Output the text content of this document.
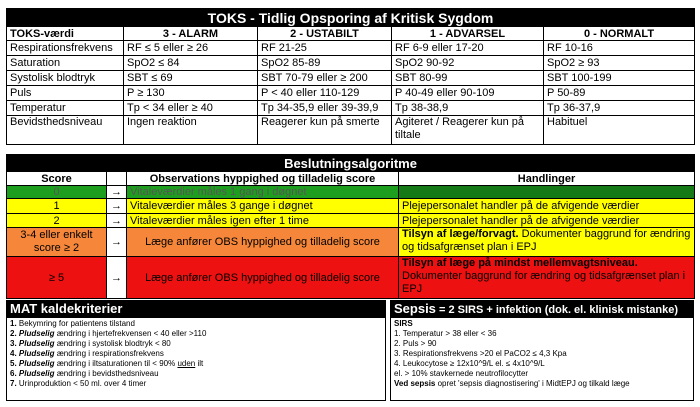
TOKS - Tidlig Opsporing af Kritisk Sygdom				
TOKS-værdi	3 - ALARM	2 - USTABILT	1 - ADVARSEL	0 - NORMALT
Respirationsfrekvens	RF ≤ 5 eller ≥ 26	RF 21-25	RF 6-9 eller 17-20	RF 10-16
Saturation	SpO2 ≤ 84	SpO2 85-89	SpO2 90-92	SpO2 ≥ 93
Systolisk blodtryk	SBT ≤ 69	SBT 70-79 eller ≥ 200	SBT 80-99	SBT 100-199
Puls	P ≥ 130	P < 40 eller 110-129	P 40-49 eller 90-109	P 50-89
Temperatur	Tp < 34 eller ≥ 40	Tp 34-35,9 eller 39-39,9	Tp 38-38,9	Tp 36-37,9
Bevidsthedsniveau	Ingen reaktion	Reagerer kun på smerte	Agiteret / Reagerer kun på tiltale	Habituel
Beslutningsalgoritme			
Score		Observations hyppighed og tilladelig score	Handlinger
0	→	Vitaleværdier måles 1 gang i døgnet	
1	→	Vitaleværdier måles 3 gange i døgnet	Plejepersonalet handler på de afvigende værdier
2	→	Vitaleværdier måles igen efter 1 time	Plejepersonalet handler på de afvigende værdier
3-4 eller enkelt score ≥ 2	→	Læge anfører OBS hyppighed og tilladelig score	Tilsyn af læge/forvagt. Dokumenter baggrund for ændring og tidsafgrænset plan i EPJ
≥ 5	→	Læge anfører OBS hyppighed og tilladelig score	Tilsyn af læge på mindst mellemvagtsniveau. Dokumenter baggrund for ændring og tidsafgrænset plan i EPJ
MAT kaldekriterier
1. Bekymring for patientens tilstand
2. Pludselig ændring i hjertefrekvensen < 40 eller >110
3. Pludselig ændring i systolisk blodtryk < 80
4. Pludselig ændring i respirationsfrekvens
5. Pludselig ændring i iltsaturationen til < 90% uden ilt
6. Pludselig ændring i bevidsthedsniveau
7. Urinproduktion < 50 ml. over 4 timer
Sepsis = 2 SIRS + infektion (dok. el. klinisk mistanke)
SIRS
1. Temperatur > 38 eller < 36
2. Puls > 90
3. Respirationsfrekvens >20 el PaCO2 ≤ 4,3 Kpa
4. Leukocytose ≥ 12x10^9/L el. ≤ 4x10^9/L
el. > 10% stavkernede neutrofilocytter
Ved sepsis opret 'sepsis diagnostisering' i MidtEPJ og tilkald læge
